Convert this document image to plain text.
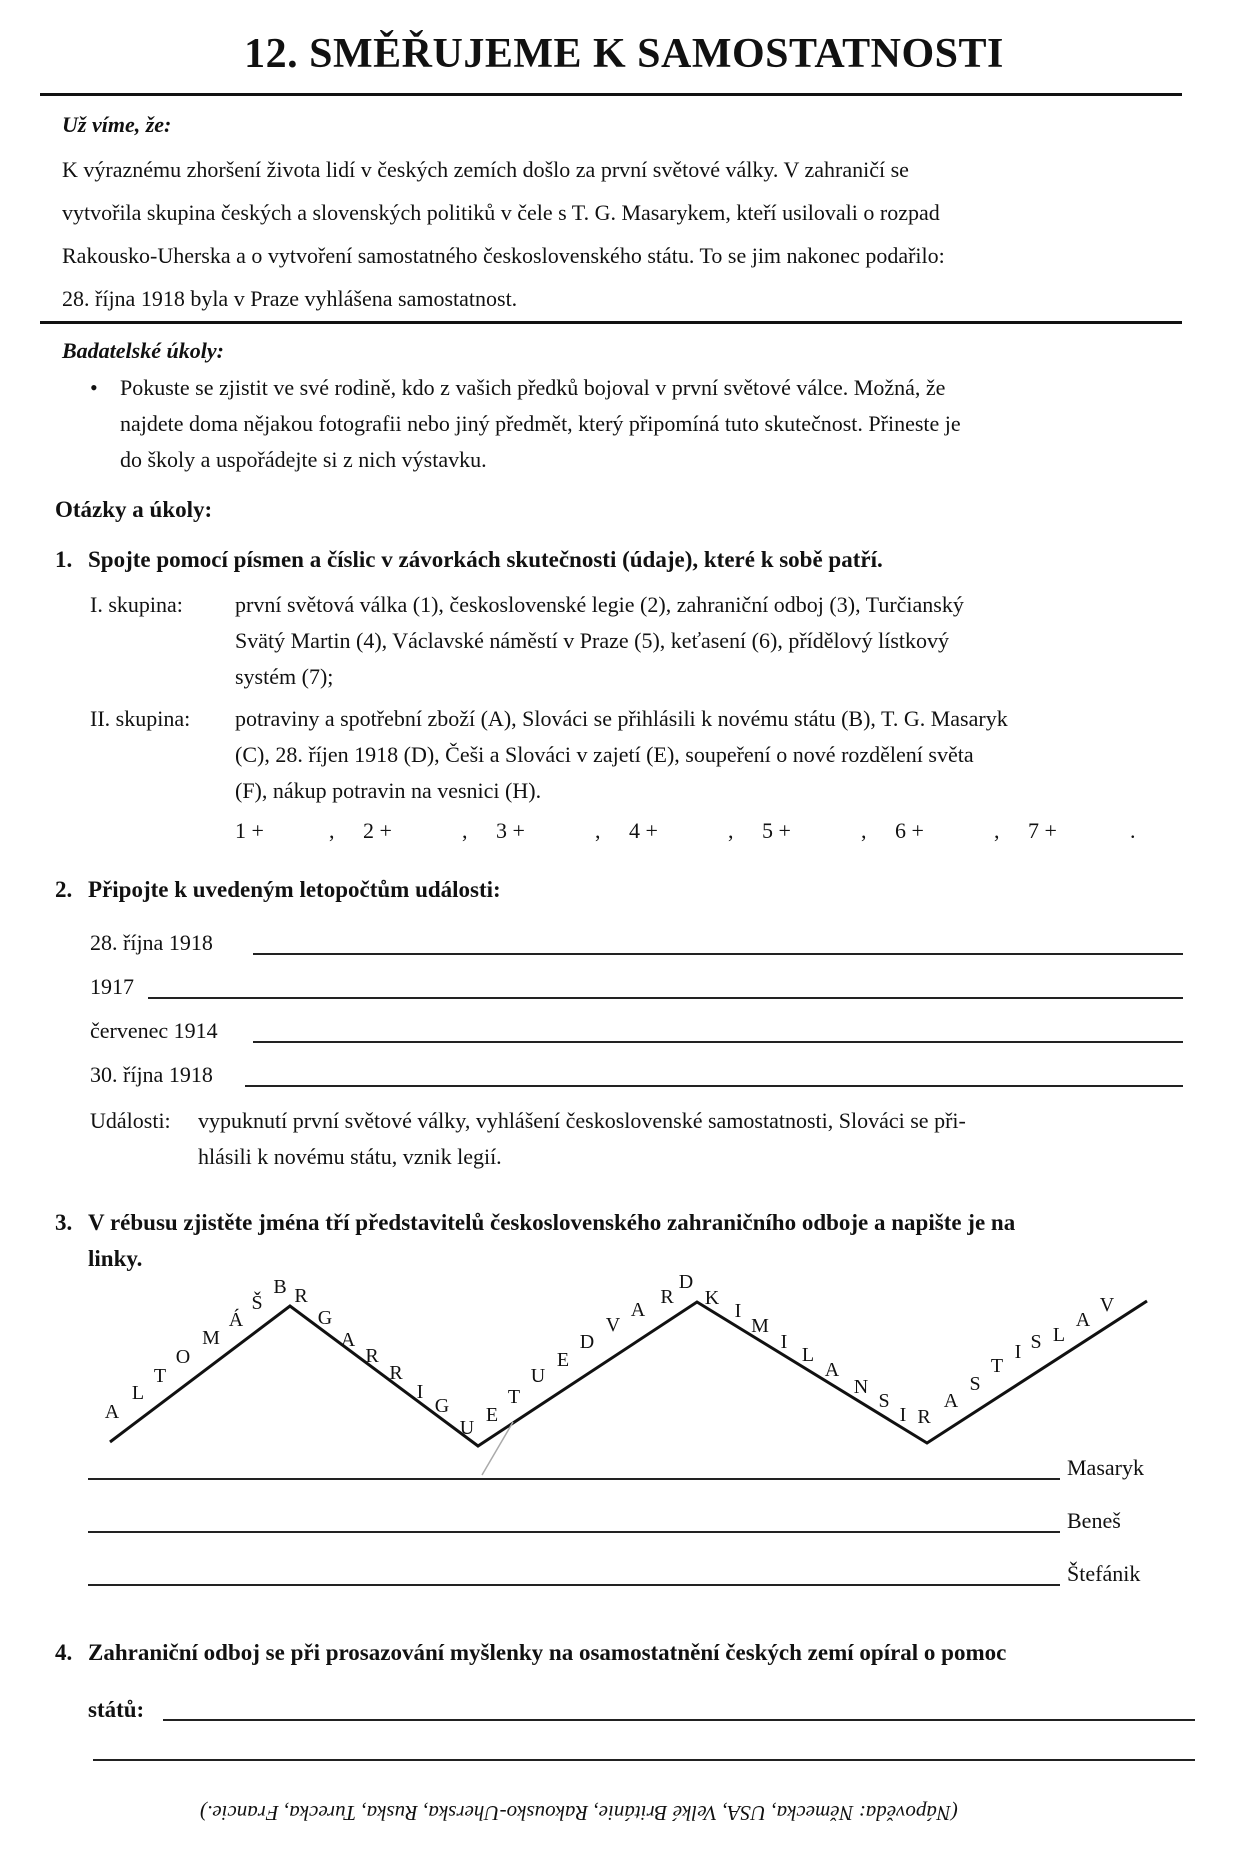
12. SMĚŘUJEME K SAMOSTATNOSTI
Už víme, že:
K výraznému zhoršení života lidí v českých zemích došlo za první světové války. V zahraničí se
vytvořila skupina českých a slovenských politiků v čele s T. G. Masarykem, kteří usilovali o rozpad
Rakousko-Uherska a o vytvoření samostatného československého státu. To se jim nakonec podařilo:
28. října 1918 byla v Praze vyhlášena samostatnost.
Badatelské úkoly:
• Pokuste se zjistit ve své rodině, kdo z vašich předků bojoval v první světové válce. Možná, že
najdete doma nějakou fotografii nebo jiný předmět, který připomíná tuto skutečnost. Přineste je
do školy a uspořádejte si z nich výstavku.
Otázky a úkoly:
1. Spojte pomocí písmen a číslic v závorkách skutečnosti (údaje), které k sobě patří.
I. skupina: první světová válka (1), československé legie (2), zahraniční odboj (3), Turčianský
Svätý Martin (4), Václavské náměstí v Praze (5), keťasení (6), přídělový lístkový
systém (7);
II. skupina: potraviny a spotřební zboží (A), Slováci se přihlásili k novému státu (B), T. G. Masaryk
(C), 28. říjen 1918 (D), Češi a Slováci v zajetí (E), soupeření o nové rozdělení světa
(F), nákup potravin na vesnici (H).
1 +	, 2 +	, 3 +	, 4 +	, 5 +	, 6 +	, 7 +	.
2. Připojte k uvedeným letopočtům události:
28. října 1918
1917
červenec 1914
30. října 1918
Události: vypuknutí první světové války, vyhlášení československé samostatnosti, Slováci se při-
hlásili k novému státu, vznik legií.
3. V rébusu zjistěte jména tří představitelů československého zahraničního odboje a napište je na
linky.
A
L
T
O
M
Á
Š
B R
G
A
R
R
I
G
U
E
T
U
E
D
V
A
R
D
K
I
M
I
L
A
N
S
I R
A
S
T
I S L
A
V
Masaryk
Beneš
Štefánik
4. Zahraniční odboj se při prosazování myšlenky na osamostatnění českých zemí opíral o pomoc
států:
(Nápověda: Německa, USA, Velké Británie, Rakousko-Uherska, Ruska, Turecka, Francie.)
